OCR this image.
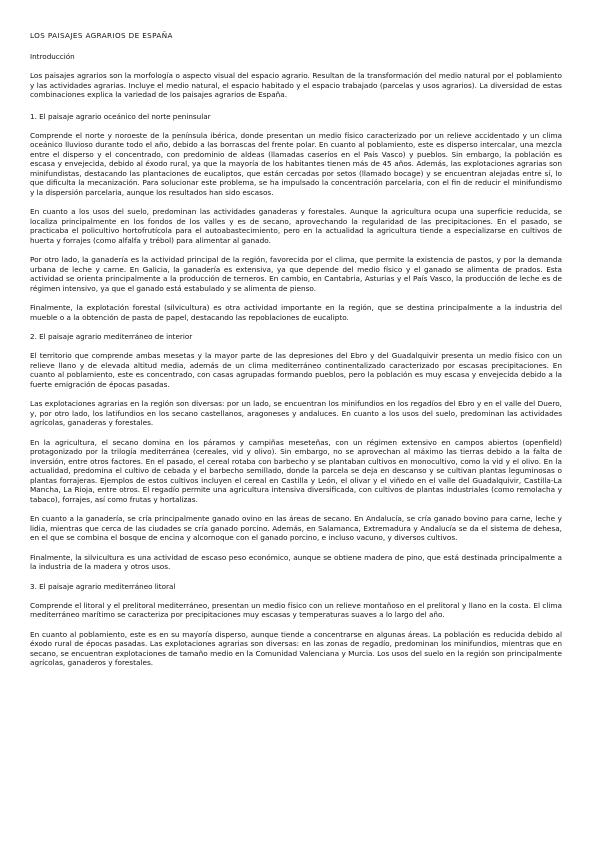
LOS PAISAJES AGRARIOS DE ESPAÑA
Introducción

Los paisajes agrarios son la morfología o aspecto visual del espacio agrario. Resultan de la transformación del medio natural por el poblamiento y las actividades agrarias. Incluye el medio natural, el espacio habitado y el espacio trabajado (parcelas y usos agrarios). La diversidad de estas combinaciones explica la variedad de los paisajes agrarios de España.

1. El paisaje agrario oceánico del norte peninsular

Comprende el norte y noroeste de la península ibérica, donde presentan un medio físico caracterizado por un relieve accidentado y un clima oceánico lluvioso durante todo el año, debido a las borrascas del frente polar. En cuanto al poblamiento, este es disperso intercalar, una mezcla entre el disperso y el concentrado, con predominio de aldeas (llamadas caseríos en el País Vasco) y pueblos. Sin embargo, la población es escasa y envejecida, debido al éxodo rural, ya que la mayoría de los habitantes tienen más de 45 años. Además, las explotaciones agrarias son minifundistas, destacando las plantaciones de eucaliptos, que están cercadas por setos (llamado bocage) y se encuentran alejadas entre sí, lo que dificulta la mecanización. Para solucionar este problema, se ha impulsado la concentración parcelaria, con el fin de reducir el minifundismo y la dispersión parcelaria, aunque los resultados han sido escasos.

En cuanto a los usos del suelo, predominan las actividades ganaderas y forestales. Aunque la agricultura ocupa una superficie reducida, se localiza principalmente en los fondos de los valles y es de secano, aprovechando la regularidad de las precipitaciones. En el pasado, se practicaba el policultivo hortofrutícola para el autoabastecimiento, pero en la actualidad la agricultura tiende a especializarse en cultivos de huerta y forrajes (como alfalfa y trébol) para alimentar al ganado.

Por otro lado, la ganadería es la actividad principal de la región, favorecida por el clima, que permite la existencia de pastos, y por la demanda urbana de leche y carne. En Galicia, la ganadería es extensiva, ya que depende del medio físico y el ganado se alimenta de prados. Esta actividad se orienta principalmente a la producción de terneros. En cambio, en Cantabria, Asturias y el País Vasco, la producción de leche es de régimen intensivo, ya que el ganado está estabulado y se alimenta de pienso.

Finalmente, la explotación forestal (silvicultura) es otra actividad importante en la región, que se destina principalmente a la industria del mueble o a la obtención de pasta de papel, destacando las repoblaciones de eucalipto.

2. El paisaje agrario mediterráneo de interior

El territorio que comprende ambas mesetas y la mayor parte de las depresiones del Ebro y del Guadalquivir presenta un medio físico con un relieve llano y de elevada altitud media, además de un clima mediterráneo continentalizado caracterizado por escasas precipitaciones. En cuanto al poblamiento, este es concentrado, con casas agrupadas formando pueblos, pero la población es muy escasa y envejecida debido a la fuerte emigración de épocas pasadas.

Las explotaciones agrarias en la región son diversas: por un lado, se encuentran los minifundios en los regadíos del Ebro y en el valle del Duero, y, por otro lado, los latifundios en los secano castellanos, aragoneses y andaluces. En cuanto a los usos del suelo, predominan las actividades agrícolas, ganaderas y forestales.

En la agricultura, el secano domina en los páramos y campiñas meseteñas, con un régimen extensivo en campos abiertos (openfield) protagonizado por la trilogía mediterránea (cereales, vid y olivo). Sin embargo, no se aprovechan al máximo las tierras debido a la falta de inversión, entre otros factores. En el pasado, el cereal rotaba con barbecho y se plantaban cultivos en monocultivo, como la vid y el olivo. En la actualidad, predomina el cultivo de cebada y el barbecho semillado, donde la parcela se deja en descanso y se cultivan plantas leguminosas o plantas forrajeras. Ejemplos de estos cultivos incluyen el cereal en Castilla y León, el olivar y el viñedo en el valle del Guadalquivir, Castilla-La Mancha, La Rioja, entre otros. El regadío permite una agricultura intensiva diversificada, con cultivos de plantas industriales (como remolacha y tabaco), forrajes, así como frutas y hortalizas.

En cuanto a la ganadería, se cría principalmente ganado ovino en las áreas de secano. En Andalucía, se cría ganado bovino para carne, leche y lidia, mientras que cerca de las ciudades se cría ganado porcino. Además, en Salamanca, Extremadura y Andalucía se da el sistema de dehesa, en el que se combina el bosque de encina y alcornoque con el ganado porcino, e incluso vacuno, y diversos cultivos.

Finalmente, la silvicultura es una actividad de escaso peso económico, aunque se obtiene madera de pino, que está destinada principalmente a la industria de la madera y otros usos.

3. El paisaje agrario mediterráneo litoral

Comprende el litoral y el prelitoral mediterráneo, presentan un medio físico con un relieve montañoso en el prelitoral y llano en la costa. El clima mediterráneo marítimo se caracteriza por precipitaciones muy escasas y temperaturas suaves a lo largo del año.

En cuanto al poblamiento, este es en su mayoría disperso, aunque tiende a concentrarse en algunas áreas. La población es reducida debido al éxodo rural de épocas pasadas. Las explotaciones agrarias son diversas: en las zonas de regadío, predominan los minifundios, mientras que en secano, se encuentran explotaciones de tamaño medio en la Comunidad Valenciana y Murcia. Los usos del suelo en la región son principalmente agrícolas, ganaderos y forestales.
